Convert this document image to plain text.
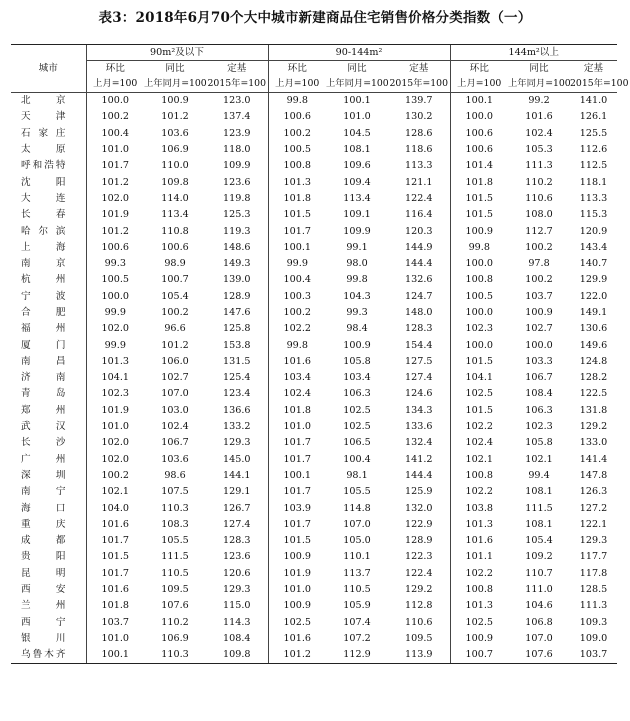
表3：2018年6月70个大中城市新建商品住宅销售价格分类指数（一）
城市	90m²及以下			90-144m²			144m²以上		
	环比	同比	定基	环比	同比	定基	环比	同比	定基
	上月=100	上年同月=100	2015年=100	上月=100	上年同月=100	2015年=100	上月=100	上年同月=100	2015年=100
北京	100.0	100.9	123.0	99.8	100.1	139.7	100.1	99.2	141.0
天津	100.2	101.2	137.4	100.6	101.0	130.2	100.0	101.6	126.1
石家庄	100.4	103.6	123.9	100.2	104.5	128.6	100.6	102.4	125.5
太原	101.0	106.9	118.0	100.5	108.1	118.6	100.6	105.3	112.6
呼和浩特	101.7	110.0	109.9	100.8	109.6	113.3	101.4	111.3	112.5
沈阳	101.2	109.8	123.6	101.3	109.4	121.1	101.8	110.2	118.1
大连	102.0	114.0	119.8	101.8	113.4	122.4	101.5	110.6	113.3
长春	101.9	113.4	125.3	101.5	109.1	116.4	101.5	108.0	115.3
哈尔滨	101.2	110.8	119.3	101.7	109.9	120.3	100.9	112.7	120.9
上海	100.6	100.6	148.6	100.1	99.1	144.9	99.8	100.2	143.4
南京	99.3	98.9	149.3	99.9	98.0	144.4	100.0	97.8	140.7
杭州	100.5	100.7	139.0	100.4	99.8	132.6	100.8	100.2	129.9
宁波	100.0	105.4	128.9	100.3	104.3	124.7	100.5	103.7	122.0
合肥	99.9	100.2	147.6	100.2	99.3	148.0	100.0	100.9	149.1
福州	102.0	96.6	125.8	102.2	98.4	128.3	102.3	102.7	130.6
厦门	99.9	101.2	153.8	99.8	100.9	154.4	100.0	100.0	149.6
南昌	101.3	106.0	131.5	101.6	105.8	127.5	101.5	103.3	124.8
济南	104.1	102.7	125.4	103.4	103.4	127.4	104.1	106.7	128.2
青岛	102.3	107.0	123.4	102.4	106.3	124.6	102.5	108.4	122.5
郑州	101.9	103.0	136.6	101.8	102.5	134.3	101.5	106.3	131.8
武汉	101.0	102.4	133.2	101.0	102.5	133.6	102.2	102.3	129.2
长沙	102.0	106.7	129.3	101.7	106.5	132.4	102.4	105.8	133.0
广州	102.0	103.6	145.0	101.7	100.4	141.2	102.1	102.1	141.4
深圳	100.2	98.6	144.1	100.1	98.1	144.4	100.8	99.4	147.8
南宁	102.1	107.5	129.1	101.7	105.5	125.9	102.2	108.1	126.3
海口	104.0	110.3	126.7	103.9	114.8	132.0	103.8	111.5	127.2
重庆	101.6	108.3	127.4	101.7	107.0	122.9	101.3	108.1	122.1
成都	101.7	105.5	128.3	101.5	105.0	128.9	101.6	105.4	129.3
贵阳	101.5	111.5	123.6	100.9	110.1	122.3	101.1	109.2	117.7
昆明	101.7	110.5	120.6	101.9	113.7	122.4	102.2	110.7	117.8
西安	101.6	109.5	129.3	101.0	110.5	129.2	100.8	111.0	128.5
兰州	101.8	107.6	115.0	100.9	105.9	112.8	101.3	104.6	111.3
西宁	103.7	110.2	114.3	102.5	107.4	110.6	102.5	106.8	109.3
银川	101.0	106.9	108.4	101.6	107.2	109.5	100.9	107.0	109.0
乌鲁木齐	100.1	110.3	109.8	101.2	112.9	113.9	100.7	107.6	103.7
